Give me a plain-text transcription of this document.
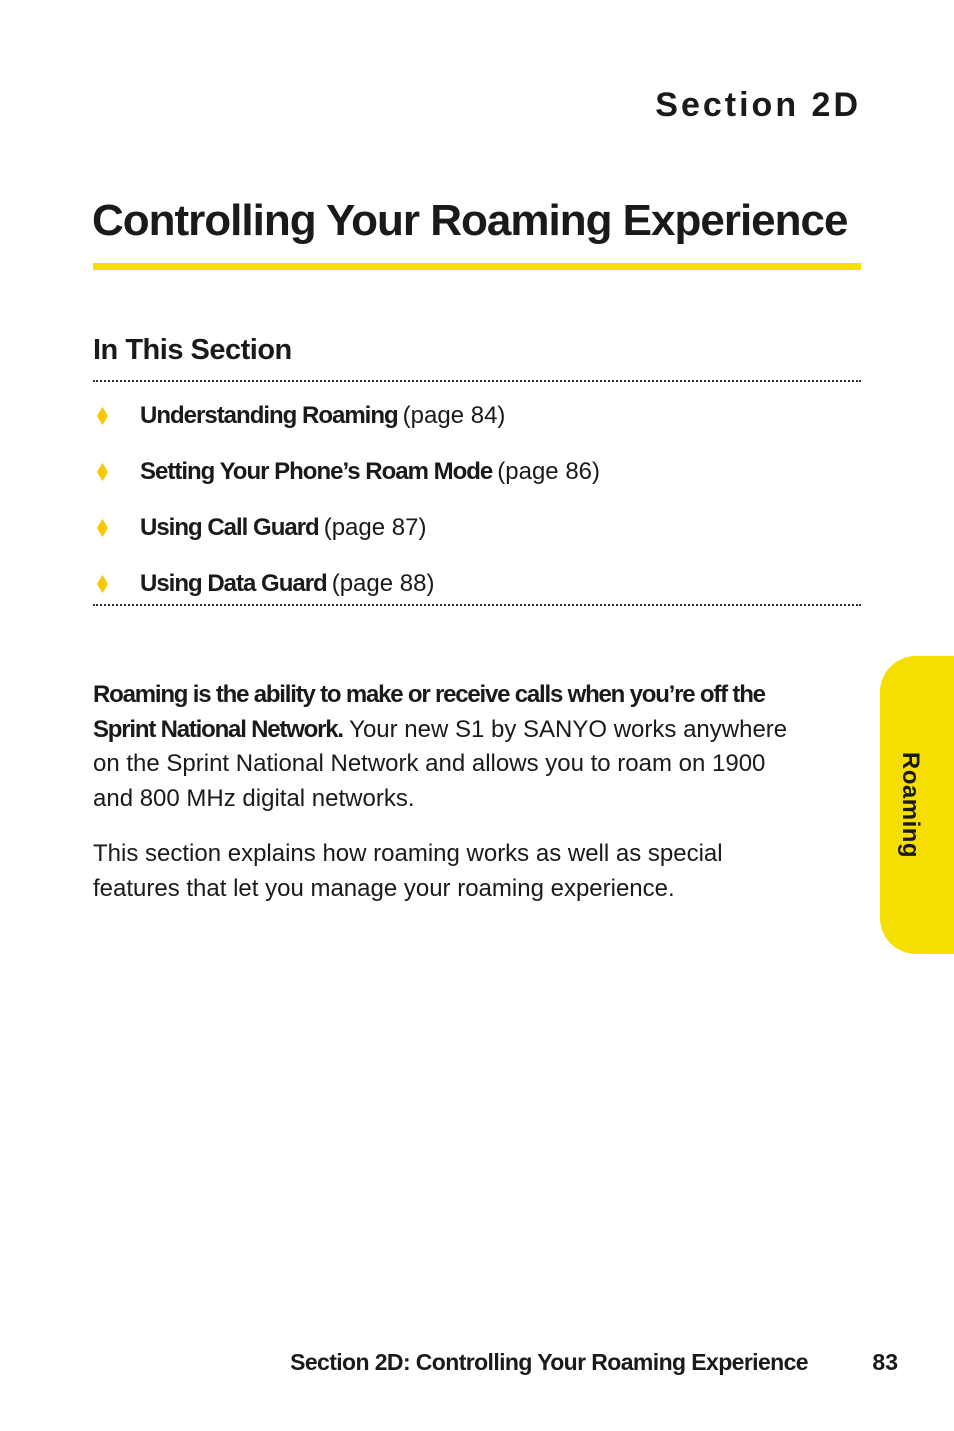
Section 2D
Controlling Your Roaming Experience
In This Section
Understanding Roaming (page 84)
Setting Your Phone’s Roam Mode (page 86)
Using Call Guard (page 87)
Using Data Guard (page 88)

Roaming is the ability to make or receive calls when you’re off the Sprint National Network. Your new S1 by SANYO works anywhere on the Sprint National Network and allows you to roam on 1900 and 800 MHz digital networks.

This section explains how roaming works as well as special features that let you manage your roaming experience.

Roaming
Section 2D: Controlling Your Roaming Experience	83
